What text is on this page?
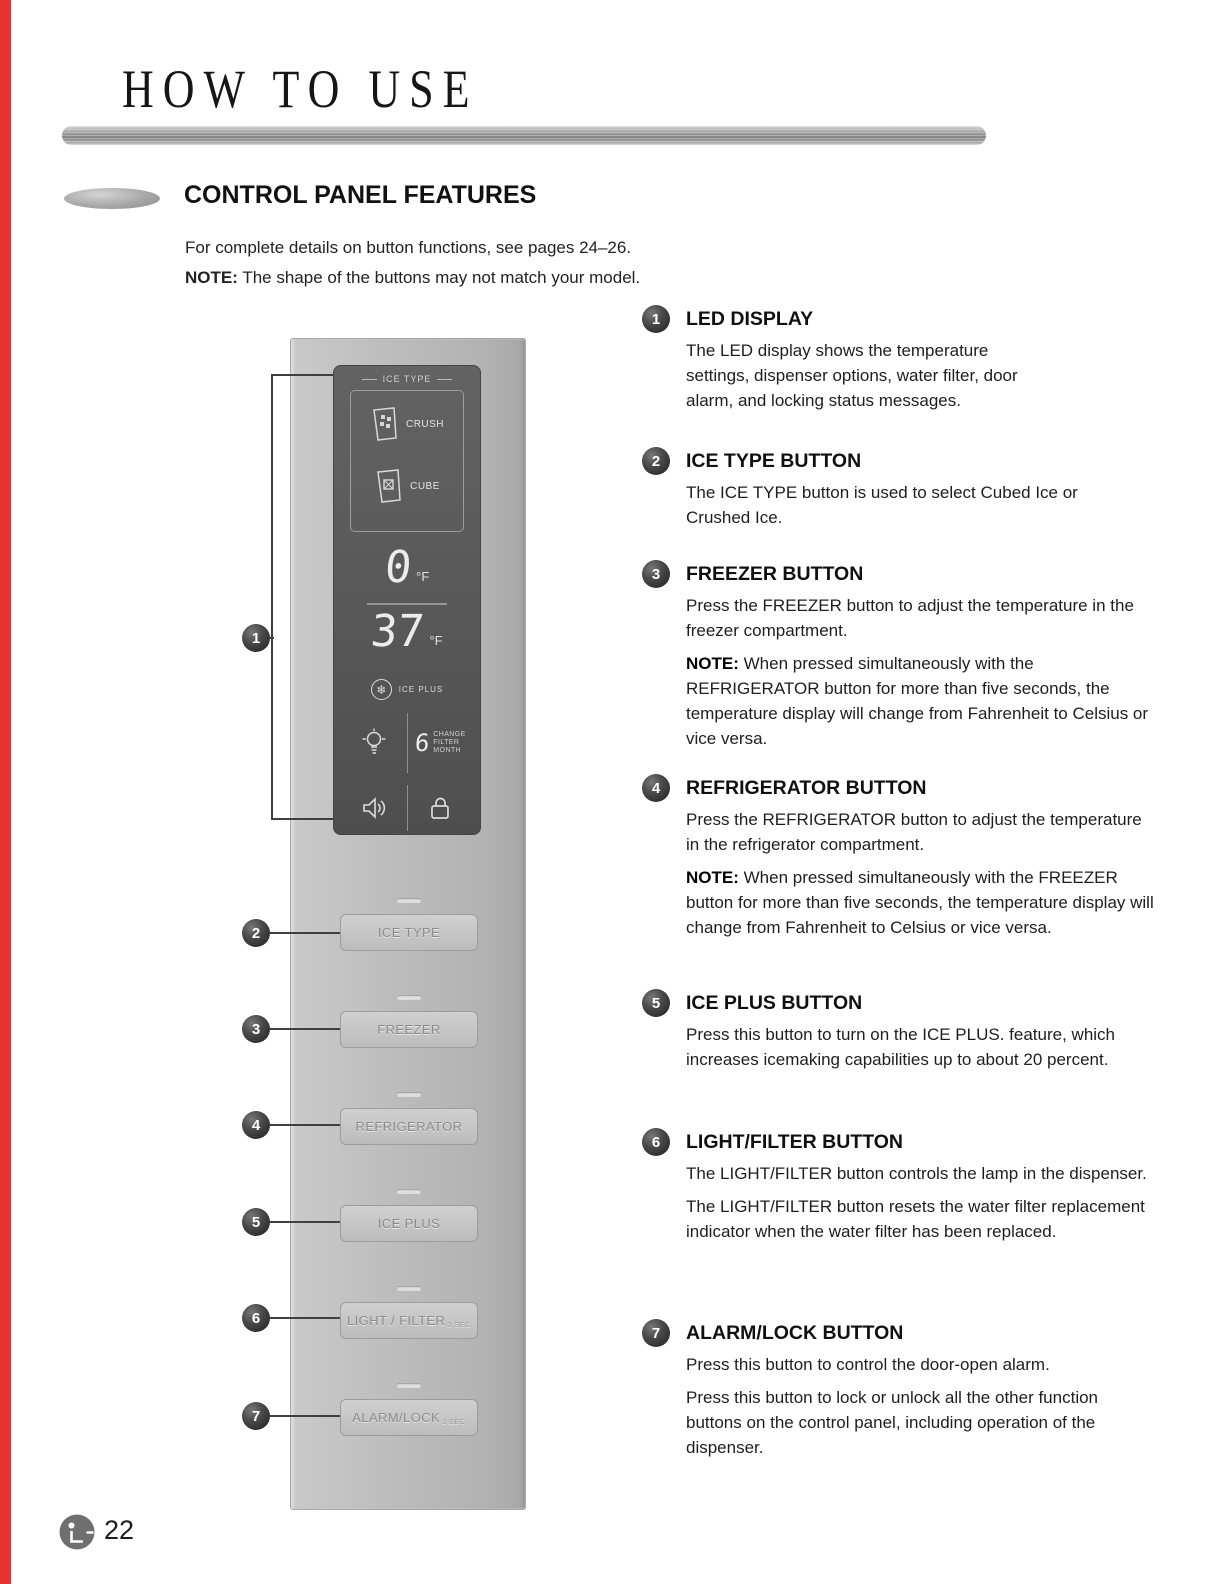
HOW TO USE
CONTROL PANEL FEATURES

For complete details on button functions, see pages 24–26.

NOTE: The shape of the buttons may not match your model.

ICE TYPE
CRUSH
CUBE
0 °F
37 °F
❄	ICE PLUS
6 CHANGE
FILTER
MONTH
ICE TYPE
FREEZER
REFRIGERATOR
ICE PLUS
LIGHT / FILTER 3 SEC
ALARM/LOCK 3 SEC
1
2
3
4
5
6
7
1 LED DISPLAY

The LED display shows the temperature settings, dispenser options, water filter, door alarm, and locking status messages.

2 ICE TYPE BUTTON

The ICE TYPE button is used to select Cubed Ice or Crushed Ice.

3 FREEZER BUTTON

Press the FREEZER button to adjust the temperature in the freezer compartment.

NOTE: When pressed simultaneously with the REFRIGERATOR button for more than five seconds, the temperature display will change from Fahrenheit to Celsius or vice versa.

4 REFRIGERATOR BUTTON

Press the REFRIGERATOR button to adjust the temperature in the refrigerator compartment.

NOTE: When pressed simultaneously with the FREEZER button for more than five seconds, the temperature display will change from Fahrenheit to Celsius or vice versa.

5 ICE PLUS BUTTON

Press this button to turn on the ICE PLUS. feature, which increases icemaking capabilities up to about 20 percent.

6 LIGHT/FILTER BUTTON

The LIGHT/FILTER button controls the lamp in the dispenser.

The LIGHT/FILTER button resets the water filter replacement indicator when the water filter has been replaced.

7 ALARM/LOCK BUTTON

Press this button to control the door-open alarm.

Press this button to lock or unlock all the other function buttons on the control panel, including operation of the dispenser.

22
